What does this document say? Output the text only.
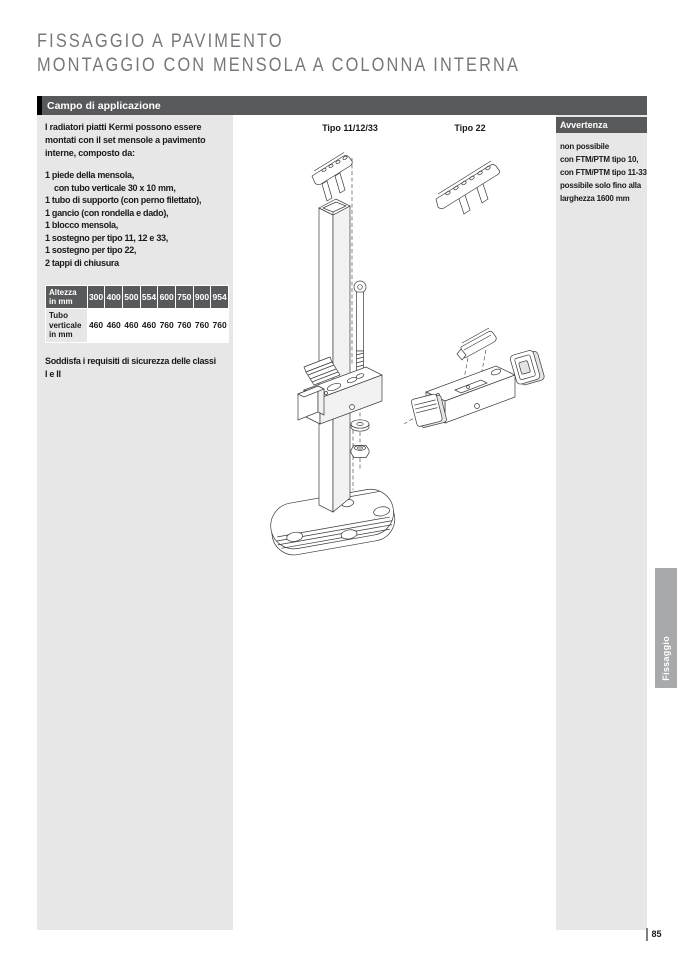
FISSAGGIO A PAVIMENTO
MONTAGGIO CON MENSOLA A COLONNA INTERNA
Campo di applicazione
I radiatori piatti Kermi possono essere
montati con il set mensole a pavimento
interne, composto da:
1 piede della mensola,
con tubo verticale 30 x 10 mm,
1 tubo di supporto (con perno filettato),
1 gancio (con rondella e dado),
1 blocco mensola,
1 sostegno per tipo 11, 12 e 33,
1 sostegno per tipo 22,
2 tappi di chiusura
Altezza in mm	300	400	500	554	600	750	900	954
Tubo verticale in mm	460	460	460	460	760	760	760	760
Soddisfa i requisiti di sicurezza delle classi
I e II
Tipo 11/12/33	Tipo 22	Avvertenza
non possibile
con FTM/PTM tipo 10,
con FTM/PTM tipo 11-33
possibile solo fino alla
larghezza 1600 mm
Fissaggio
85
